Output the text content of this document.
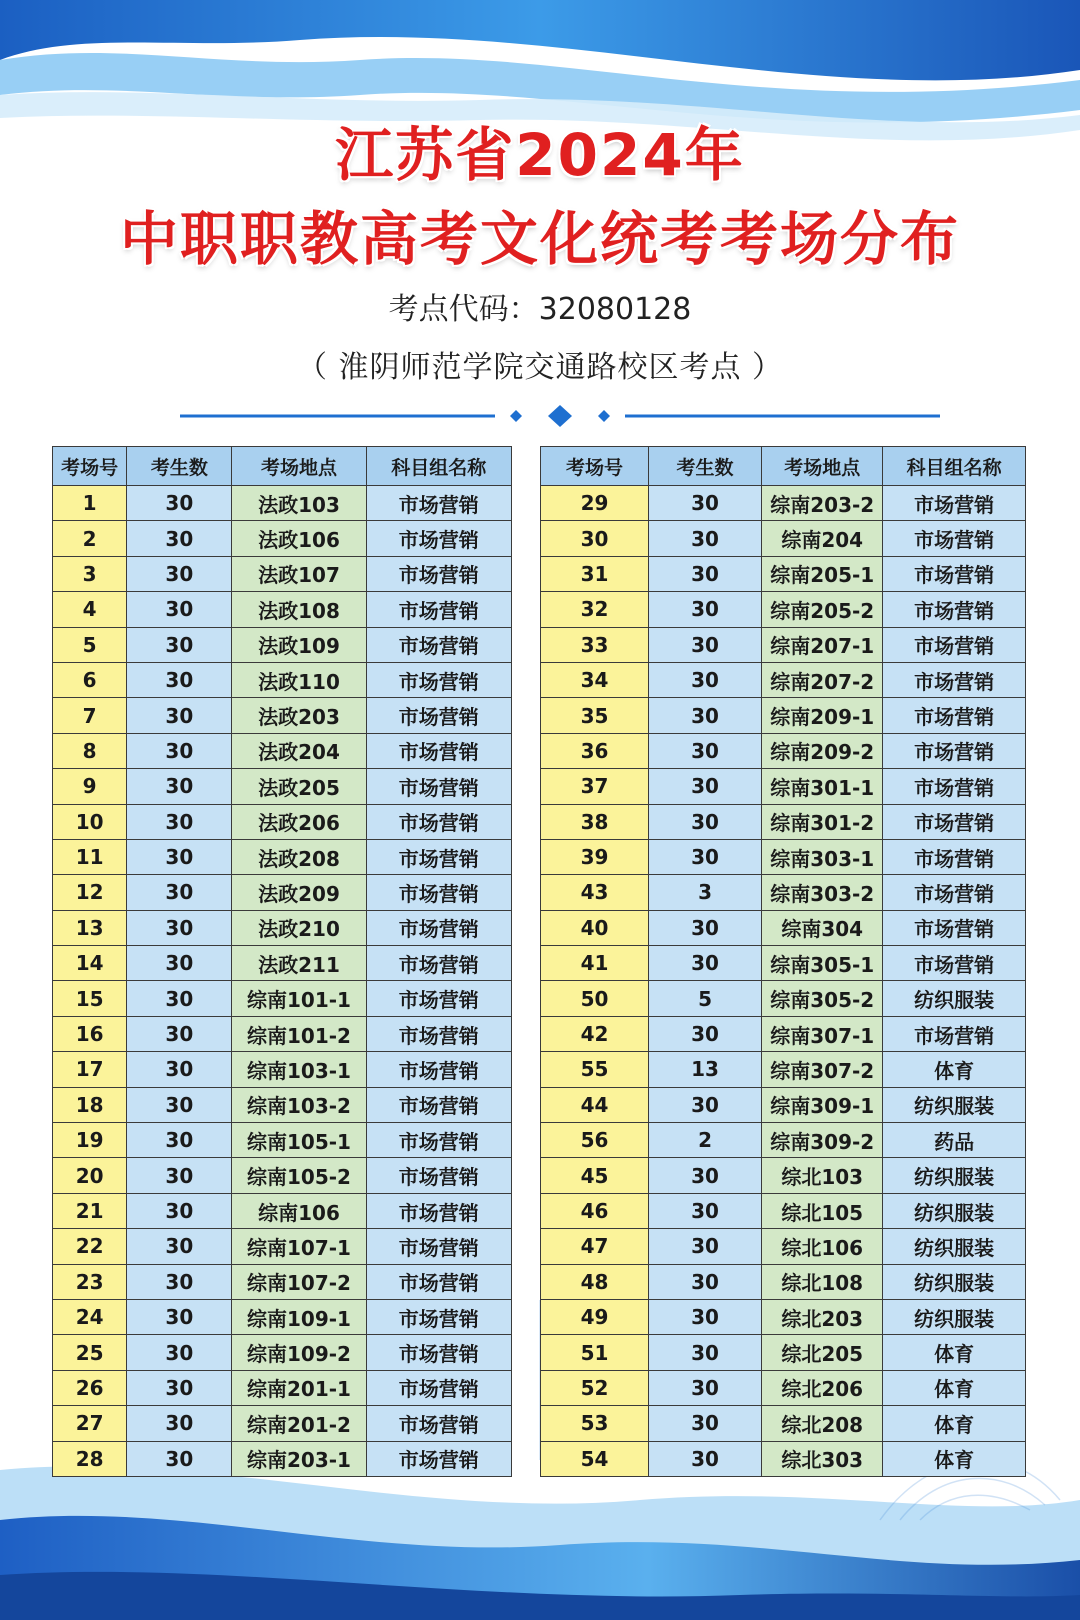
江苏省2024年
中职职教高考文化统考考场分布
考点代码：32080128
（ 淮阴师范学院交通路校区考点 ）
考场号	考生数	考场地点	科目组名称
1	30	法政103	市场营销
2	30	法政106	市场营销
3	30	法政107	市场营销
4	30	法政108	市场营销
5	30	法政109	市场营销
6	30	法政110	市场营销
7	30	法政203	市场营销
8	30	法政204	市场营销
9	30	法政205	市场营销
10	30	法政206	市场营销
11	30	法政208	市场营销
12	30	法政209	市场营销
13	30	法政210	市场营销
14	30	法政211	市场营销
15	30	综南101-1	市场营销
16	30	综南101-2	市场营销
17	30	综南103-1	市场营销
18	30	综南103-2	市场营销
19	30	综南105-1	市场营销
20	30	综南105-2	市场营销
21	30	综南106	市场营销
22	30	综南107-1	市场营销
23	30	综南107-2	市场营销
24	30	综南109-1	市场营销
25	30	综南109-2	市场营销
26	30	综南201-1	市场营销
27	30	综南201-2	市场营销
28	30	综南203-1	市场营销
考场号	考生数	考场地点	科目组名称
29	30	综南203-2	市场营销
30	30	综南204	市场营销
31	30	综南205-1	市场营销
32	30	综南205-2	市场营销
33	30	综南207-1	市场营销
34	30	综南207-2	市场营销
35	30	综南209-1	市场营销
36	30	综南209-2	市场营销
37	30	综南301-1	市场营销
38	30	综南301-2	市场营销
39	30	综南303-1	市场营销
43	3	综南303-2	市场营销
40	30	综南304	市场营销
41	30	综南305-1	市场营销
50	5	综南305-2	纺织服装
42	30	综南307-1	市场营销
55	13	综南307-2	体育
44	30	综南309-1	纺织服装
56	2	综南309-2	药品
45	30	综北103	纺织服装
46	30	综北105	纺织服装
47	30	综北106	纺织服装
48	30	综北108	纺织服装
49	30	综北203	纺织服装
51	30	综北205	体育
52	30	综北206	体育
53	30	综北208	体育
54	30	综北303	体育
